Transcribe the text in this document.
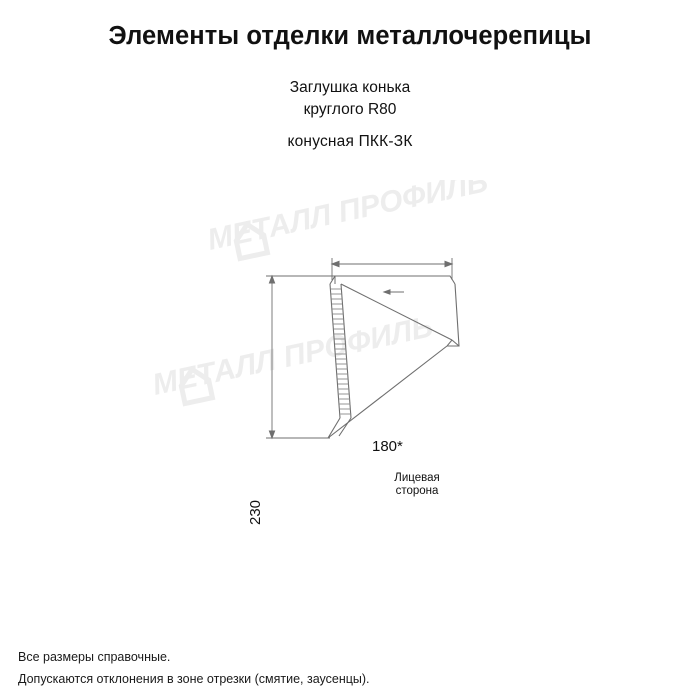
Элементы отделки металлочерепицы
Заглушка конька
круглого R80
конусная ПКК-ЗК
МЕТАЛЛ ПРОФИЛЬ
МЕТАЛЛ ПРОФИЛЬ
180*
230
Лицевая
сторона
Все размеры справочные.
Допускаются отклонения в зоне отрезки (смятие, заусенцы).
